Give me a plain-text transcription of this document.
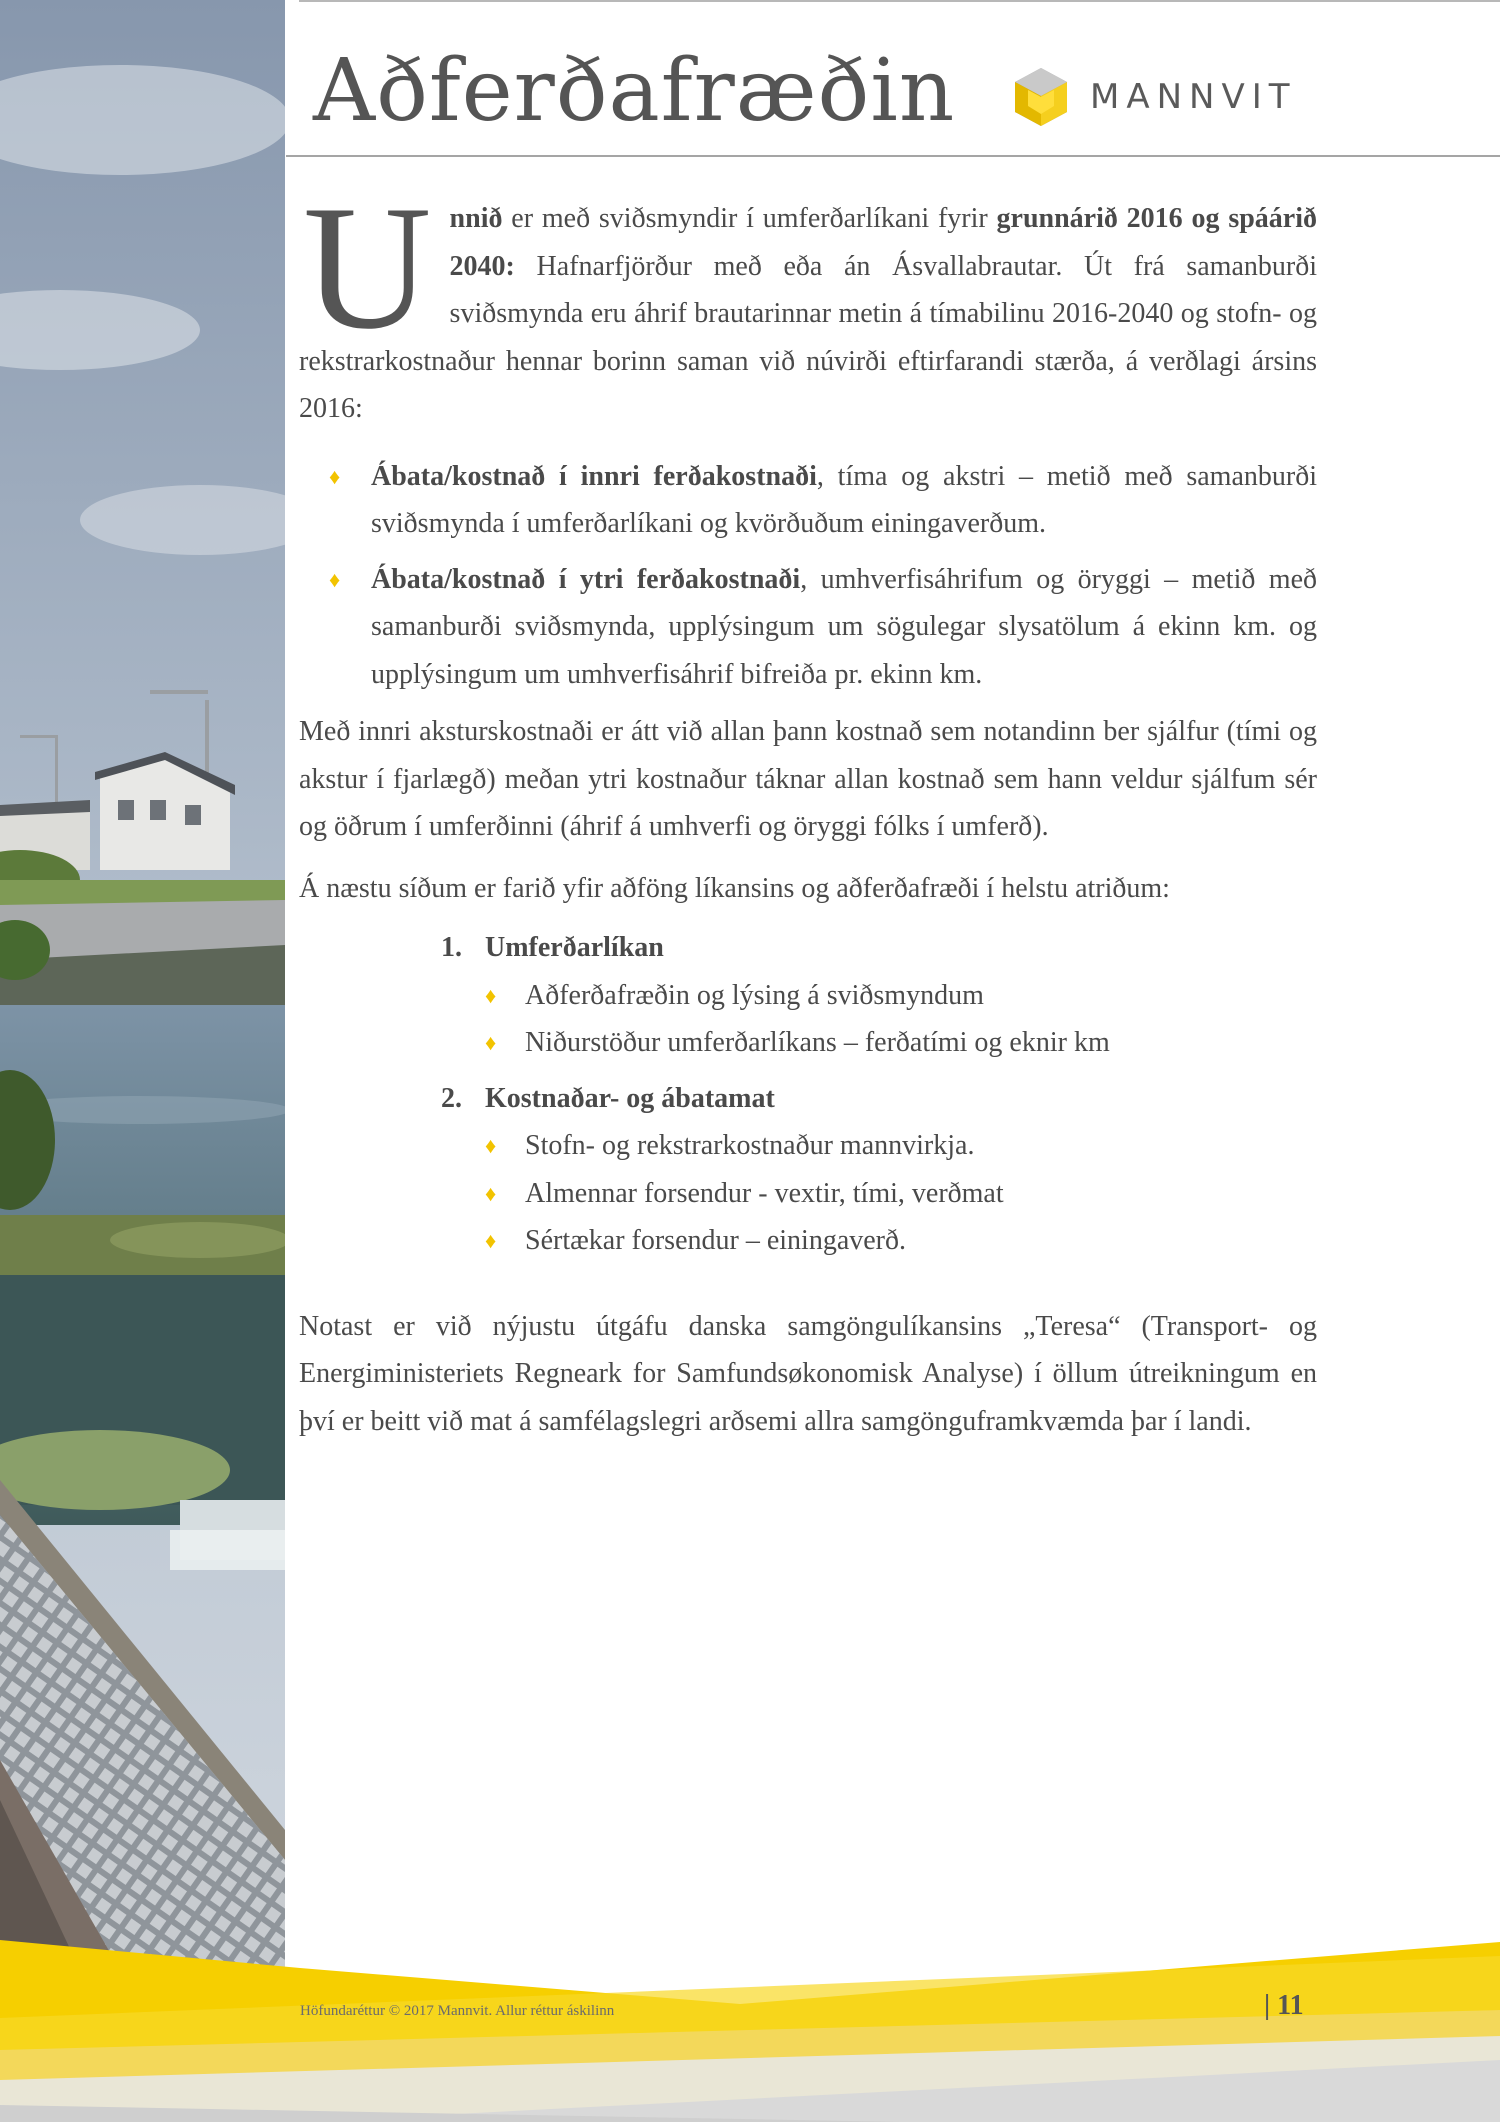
Aðferðafræðin	MANNVIT

Unnið er með sviðsmyndir í umferðarlíkani fyrir grunnárið 2016 og spáárið 2040: Hafnarfjörður með eða án Ásvallabrautar. Út frá samanburði sviðsmynda eru áhrif brautarinnar metin á tímabilinu 2016-2040 og stofn- og rekstrarkostnaður hennar borinn saman við núvirði eftirfarandi stærða, á verðlagi ársins 2016:

♦ Ábata/kostnað í innri ferðakostnaði, tíma og akstri – metið með samanburði sviðsmynda í umferðarlíkani og kvörðuðum einingaverðum.
♦ Ábata/kostnað í ytri ferðakostnaði, umhverfisáhrifum og öryggi – metið með samanburði sviðsmynda, upplýsingum um sögulegar slysatölum á ekinn km. og upplýsingum um umhverfisáhrif bifreiða pr. ekinn km.

Með innri aksturskostnaði er átt við allan þann kostnað sem notandinn ber sjálfur (tími og akstur í fjarlægð) meðan ytri kostnaður táknar allan kostnað sem hann veldur sjálfum sér og öðrum í umferðinni (áhrif á umhverfi og öryggi fólks í umferð).

Á næstu síðum er farið yfir aðföng líkansins og aðferðafræði í helstu atriðum:

1. Umferðarlíkan
♦ Aðferðafræðin og lýsing á sviðsmyndum
♦ Niðurstöður umferðarlíkans – ferðatími og eknir km
2. Kostnaðar- og ábatamat
♦ Stofn- og rekstrarkostnaður mannvirkja.
♦ Almennar forsendur - vextir, tími, verðmat
♦ Sértækar forsendur – einingaverð.

Notast er við nýjustu útgáfu danska samgöngulíkansins „Teresa“ (Transport- og Energiministeriets Regneark for Samfundsøkonomisk Analyse) í öllum útreikningum en því er beitt við mat á samfélagslegri arðsemi allra samgönguframkvæmda þar í landi.

Höfundaréttur © 2017 Mannvit. Allur réttur áskilinn	| 11
